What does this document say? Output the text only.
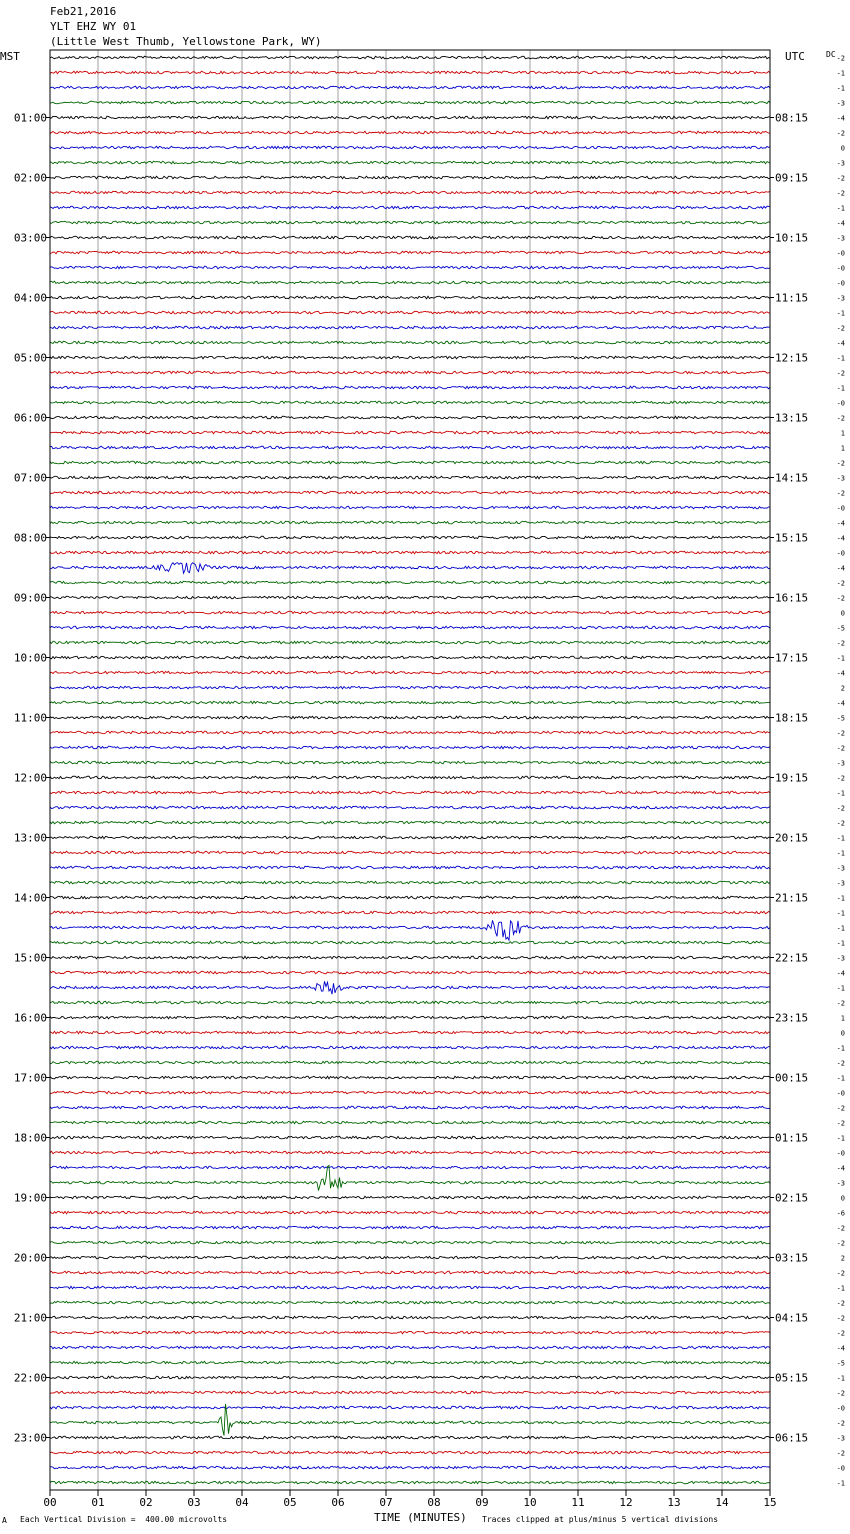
Feb21,2016
YLT EHZ WY 01
(Little West Thumb, Yellowstone Park, WY)
MST	UTC	DC
00	01	02	03	04	05	06	07	08	09	10	11	12	13	14	15
01:00
02:00
03:00
04:00
05:00
06:00
07:00
08:00
09:00
10:00
11:00
12:00
13:00
14:00
15:00
16:00
17:00
18:00
19:00
20:00
21:00
22:00
23:00
08:15
09:15
10:15
11:15
12:15
13:15
14:15
15:15
16:15
17:15
18:15
19:15
20:15
21:15
22:15
23:15
00:15
01:15
02:15
03:15
04:15
05:15
06:15
-2
-1
-1
-3
-4
-2
0
-3
-2
-2
-1
-4
-3
-0
-0
-0
-3
-1
-2
-4
-1
-2
-1
-0
-2
1
1
-2
-3
-2
-0
-4
-4
-0
-4
-2
-2
0
-5
-2
-1
-4
2
-4
-5
-2
-2
-3
-2
-1
-2
-2
-1
-1
-3
-3
-1
-1
-1
-1
-3
-4
-1
-2
1
0
-1
-2
-1
-0
-2
-2
-1
-0
-4
-3
0
-6
-2
-2
2
-2
-1
-2
-2
-2
-4
-5
-1
-2
-0
-2
-3
-2
-0
-1
A Each Vertical Division =  400.00 microvolts	TIME (MINUTES) Traces clipped at plus/minus 5 vertical divisions
